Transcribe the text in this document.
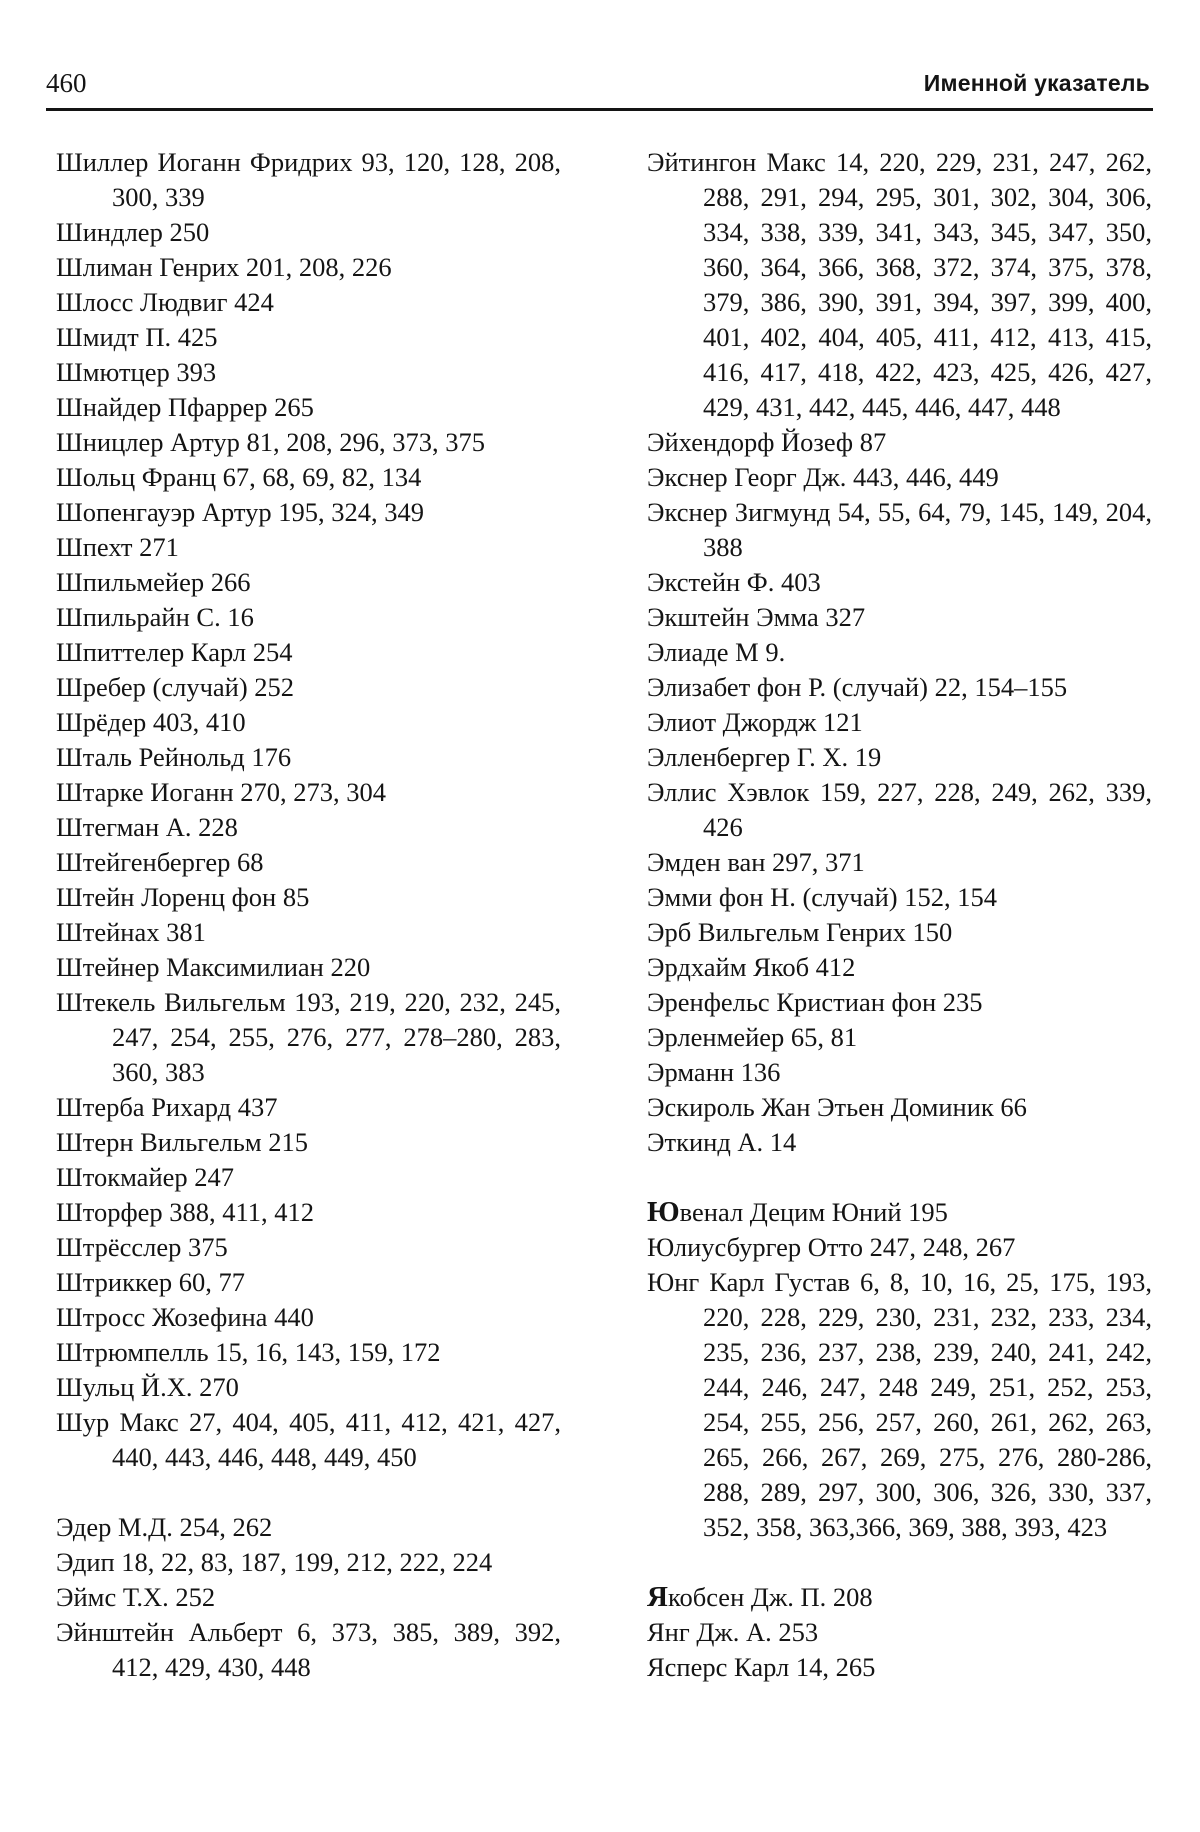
460	Именной указатель

Шиллер Иоганн Фридрих 93, 120, 128, 208, 300, 339

Шиндлер 250

Шлиман Генрих 201, 208, 226

Шлосс Людвиг 424

Шмидт П. 425

Шмютцер 393

Шнайдер Пфаррер 265

Шницлер Артур 81, 208, 296, 373, 375

Шольц Франц 67, 68, 69, 82, 134

Шопенгауэр Артур 195, 324, 349

Шпехт 271

Шпильмейер 266

Шпильрайн С. 16

Шпиттелер Карл 254

Шребер (случай) 252

Шрёдер 403, 410

Шталь Рейнольд 176

Штарке Иоганн 270, 273, 304

Штегман А. 228

Штейгенбергер 68

Штейн Лоренц фон 85

Штейнах 381

Штейнер Максимилиан 220

Штекель Вильгельм 193, 219, 220, 232, 245, 247, 254, 255, 276, 277, 278–280, 283, 360, 383

Штерба Рихард 437

Штерн Вильгельм 215

Штокмайер 247

Шторфер 388, 411, 412

Штрёсслер 375

Штриккер 60, 77

Штросс Жозефина 440

Штрюмпелль 15, 16, 143, 159, 172

Шульц Й.Х. 270

Шур Макс 27, 404, 405, 411, 412, 421, 427, 440, 443, 446, 448, 449, 450

Эдер М.Д. 254, 262

Эдип 18, 22, 83, 187, 199, 212, 222, 224

Эймс Т.Х. 252

Эйнштейн Альберт 6, 373, 385, 389, 392, 412, 429, 430, 448

Эйтингон Макс 14, 220, 229, 231, 247, 262, 288, 291, 294, 295, 301, 302, 304, 306, 334, 338, 339, 341, 343, 345, 347, 350, 360, 364, 366, 368, 372, 374, 375, 378, 379, 386, 390, 391, 394, 397, 399, 400, 401, 402, 404, 405, 411, 412, 413, 415, 416, 417, 418, 422, 423, 425, 426, 427, 429, 431, 442, 445, 446, 447, 448

Эйхендорф Йозеф 87

Экснер Георг Дж. 443, 446, 449

Экснер Зигмунд 54, 55, 64, 79, 145, 149, 204, 388

Экстейн Ф. 403

Экштейн Эмма 327

Элиаде М 9.

Элизабет фон Р. (случай) 22, 154–155

Элиот Джордж 121

Элленбергер Г. Х. 19

Эллис Хэвлок 159, 227, 228, 249, 262, 339, 426

Эмден ван 297, 371

Эмми фон Н. (случай) 152, 154

Эрб Вильгельм Генрих 150

Эрдхайм Якоб 412

Эренфельс Кристиан фон 235

Эрленмейер 65, 81

Эрманн 136

Эскироль Жан Этьен Доминик 66

Эткинд А. 14

Ювенал Децим Юний 195

Юлиусбургер Отто 247, 248, 267

Юнг Карл Густав 6, 8, 10, 16, 25, 175, 193, 220, 228, 229, 230, 231, 232, 233, 234, 235, 236, 237, 238, 239, 240, 241, 242, 244, 246, 247, 248 249, 251, 252, 253, 254, 255, 256, 257, 260, 261, 262, 263, 265, 266, 267, 269, 275, 276, 280-286, 288, 289, 297, 300, 306, 326, 330, 337, 352, 358, 363,366, 369, 388, 393, 423

Якобсен Дж. П. 208

Янг Дж. А. 253

Ясперс Карл 14, 265
